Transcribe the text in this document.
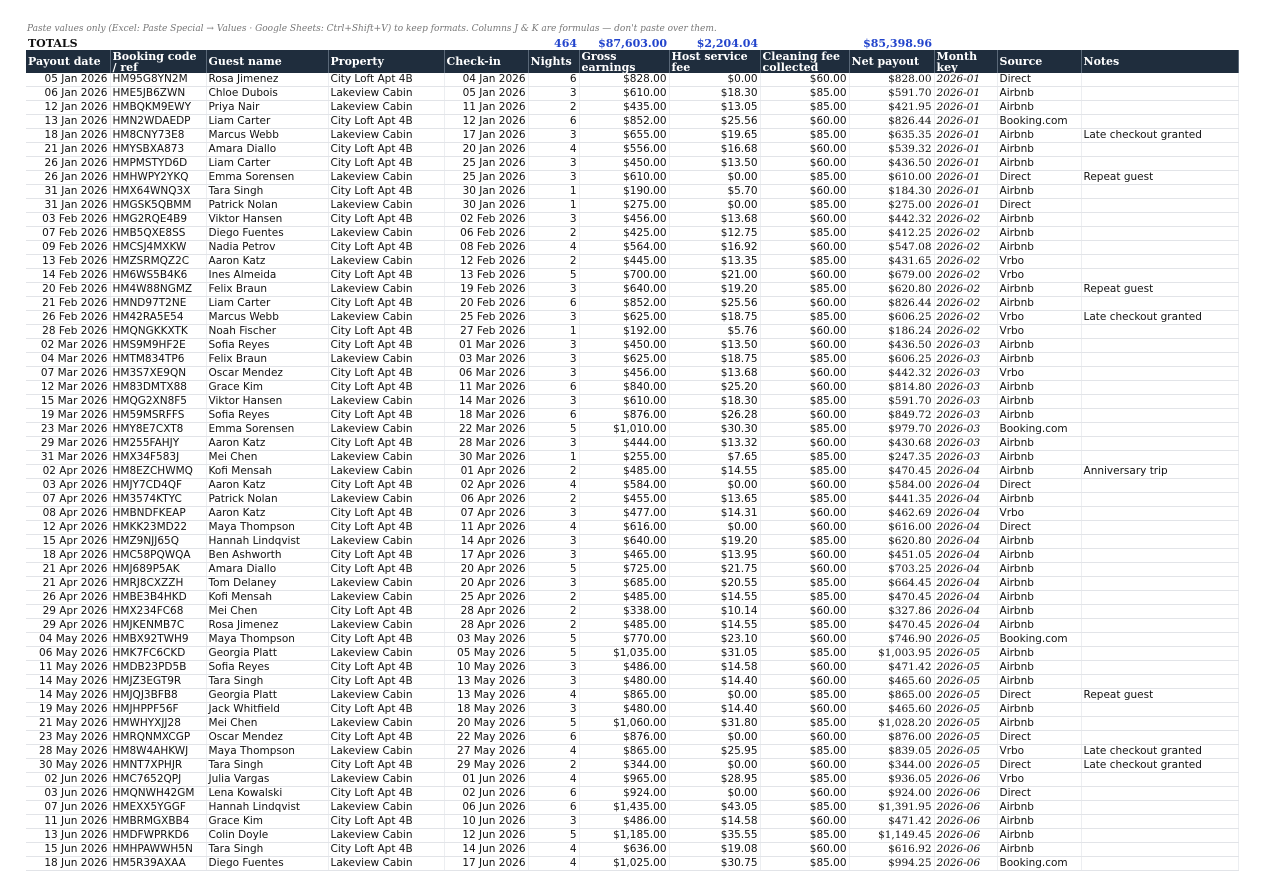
Paste values only (Excel: Paste Special → Values · Google Sheets: Ctrl+Shift+V) to keep formats. Columns J & K are formulas — don't paste over them.
TOTALS					464	$87,603.00	$2,204.04		$85,398.96			
Payout date	Booking code / ref	Guest name	Property	Check-in	Nights	Gross earnings	Host service fee	Cleaning fee collected	Net payout	Month key	Source	Notes
05 Jan 2026	HM95G8YN2M	Rosa Jimenez	City Loft Apt 4B	04 Jan 2026	6	$828.00	$0.00	$60.00	$828.00	2026-01	Direct	
06 Jan 2026	HME5JB6ZWN	Chloe Dubois	Lakeview Cabin	05 Jan 2026	3	$610.00	$18.30	$85.00	$591.70	2026-01	Airbnb	
12 Jan 2026	HMBQKM9EWY	Priya Nair	Lakeview Cabin	11 Jan 2026	2	$435.00	$13.05	$85.00	$421.95	2026-01	Airbnb	
13 Jan 2026	HMN2WDAEDP	Liam Carter	City Loft Apt 4B	12 Jan 2026	6	$852.00	$25.56	$60.00	$826.44	2026-01	Booking.com	
18 Jan 2026	HM8CNY73E8	Marcus Webb	Lakeview Cabin	17 Jan 2026	3	$655.00	$19.65	$85.00	$635.35	2026-01	Airbnb	Late checkout granted
21 Jan 2026	HMYSBXA873	Amara Diallo	City Loft Apt 4B	20 Jan 2026	4	$556.00	$16.68	$60.00	$539.32	2026-01	Airbnb	
26 Jan 2026	HMPMSTYD6D	Liam Carter	City Loft Apt 4B	25 Jan 2026	3	$450.00	$13.50	$60.00	$436.50	2026-01	Airbnb	
26 Jan 2026	HMHWPY2YKQ	Emma Sorensen	Lakeview Cabin	25 Jan 2026	3	$610.00	$0.00	$85.00	$610.00	2026-01	Direct	Repeat guest
31 Jan 2026	HMX64WNQ3X	Tara Singh	City Loft Apt 4B	30 Jan 2026	1	$190.00	$5.70	$60.00	$184.30	2026-01	Airbnb	
31 Jan 2026	HMGSK5QBMM	Patrick Nolan	Lakeview Cabin	30 Jan 2026	1	$275.00	$0.00	$85.00	$275.00	2026-01	Direct	
03 Feb 2026	HMG2RQE4B9	Viktor Hansen	City Loft Apt 4B	02 Feb 2026	3	$456.00	$13.68	$60.00	$442.32	2026-02	Airbnb	
07 Feb 2026	HMB5QXE8SS	Diego Fuentes	Lakeview Cabin	06 Feb 2026	2	$425.00	$12.75	$85.00	$412.25	2026-02	Airbnb	
09 Feb 2026	HMCSJ4MXKW	Nadia Petrov	City Loft Apt 4B	08 Feb 2026	4	$564.00	$16.92	$60.00	$547.08	2026-02	Airbnb	
13 Feb 2026	HMZSRMQZ2C	Aaron Katz	Lakeview Cabin	12 Feb 2026	2	$445.00	$13.35	$85.00	$431.65	2026-02	Vrbo	
14 Feb 2026	HM6WS5B4K6	Ines Almeida	City Loft Apt 4B	13 Feb 2026	5	$700.00	$21.00	$60.00	$679.00	2026-02	Vrbo	
20 Feb 2026	HM4W88NGMZ	Felix Braun	Lakeview Cabin	19 Feb 2026	3	$640.00	$19.20	$85.00	$620.80	2026-02	Airbnb	Repeat guest
21 Feb 2026	HMND97T2NE	Liam Carter	City Loft Apt 4B	20 Feb 2026	6	$852.00	$25.56	$60.00	$826.44	2026-02	Airbnb	
26 Feb 2026	HM42RA5E54	Marcus Webb	Lakeview Cabin	25 Feb 2026	3	$625.00	$18.75	$85.00	$606.25	2026-02	Vrbo	Late checkout granted
28 Feb 2026	HMQNGKKXTK	Noah Fischer	City Loft Apt 4B	27 Feb 2026	1	$192.00	$5.76	$60.00	$186.24	2026-02	Vrbo	
02 Mar 2026	HMS9M9HF2E	Sofia Reyes	City Loft Apt 4B	01 Mar 2026	3	$450.00	$13.50	$60.00	$436.50	2026-03	Airbnb	
04 Mar 2026	HMTM834TP6	Felix Braun	Lakeview Cabin	03 Mar 2026	3	$625.00	$18.75	$85.00	$606.25	2026-03	Airbnb	
07 Mar 2026	HM3S7XE9QN	Oscar Mendez	City Loft Apt 4B	06 Mar 2026	3	$456.00	$13.68	$60.00	$442.32	2026-03	Vrbo	
12 Mar 2026	HM83DMTX88	Grace Kim	City Loft Apt 4B	11 Mar 2026	6	$840.00	$25.20	$60.00	$814.80	2026-03	Airbnb	
15 Mar 2026	HMQG2XN8F5	Viktor Hansen	Lakeview Cabin	14 Mar 2026	3	$610.00	$18.30	$85.00	$591.70	2026-03	Airbnb	
19 Mar 2026	HM59MSRFFS	Sofia Reyes	City Loft Apt 4B	18 Mar 2026	6	$876.00	$26.28	$60.00	$849.72	2026-03	Airbnb	
23 Mar 2026	HMY8E7CXT8	Emma Sorensen	Lakeview Cabin	22 Mar 2026	5	$1,010.00	$30.30	$85.00	$979.70	2026-03	Booking.com	
29 Mar 2026	HM255FAHJY	Aaron Katz	City Loft Apt 4B	28 Mar 2026	3	$444.00	$13.32	$60.00	$430.68	2026-03	Airbnb	
31 Mar 2026	HMX34F583J	Mei Chen	Lakeview Cabin	30 Mar 2026	1	$255.00	$7.65	$85.00	$247.35	2026-03	Airbnb	
02 Apr 2026	HM8EZCHWMQ	Kofi Mensah	Lakeview Cabin	01 Apr 2026	2	$485.00	$14.55	$85.00	$470.45	2026-04	Airbnb	Anniversary trip
03 Apr 2026	HMJY7CD4QF	Aaron Katz	City Loft Apt 4B	02 Apr 2026	4	$584.00	$0.00	$60.00	$584.00	2026-04	Direct	
07 Apr 2026	HM3574KTYC	Patrick Nolan	Lakeview Cabin	06 Apr 2026	2	$455.00	$13.65	$85.00	$441.35	2026-04	Airbnb	
08 Apr 2026	HMBNDFKEAP	Aaron Katz	City Loft Apt 4B	07 Apr 2026	3	$477.00	$14.31	$60.00	$462.69	2026-04	Vrbo	
12 Apr 2026	HMKK23MD22	Maya Thompson	City Loft Apt 4B	11 Apr 2026	4	$616.00	$0.00	$60.00	$616.00	2026-04	Direct	
15 Apr 2026	HMZ9NJJ65Q	Hannah Lindqvist	Lakeview Cabin	14 Apr 2026	3	$640.00	$19.20	$85.00	$620.80	2026-04	Airbnb	
18 Apr 2026	HMC58PQWQA	Ben Ashworth	City Loft Apt 4B	17 Apr 2026	3	$465.00	$13.95	$60.00	$451.05	2026-04	Airbnb	
21 Apr 2026	HMJ689P5AK	Amara Diallo	City Loft Apt 4B	20 Apr 2026	5	$725.00	$21.75	$60.00	$703.25	2026-04	Airbnb	
21 Apr 2026	HMRJ8CXZZH	Tom Delaney	Lakeview Cabin	20 Apr 2026	3	$685.00	$20.55	$85.00	$664.45	2026-04	Airbnb	
26 Apr 2026	HMBE3B4HKD	Kofi Mensah	Lakeview Cabin	25 Apr 2026	2	$485.00	$14.55	$85.00	$470.45	2026-04	Airbnb	
29 Apr 2026	HMX234FC68	Mei Chen	City Loft Apt 4B	28 Apr 2026	2	$338.00	$10.14	$60.00	$327.86	2026-04	Airbnb	
29 Apr 2026	HMJKENMB7C	Rosa Jimenez	Lakeview Cabin	28 Apr 2026	2	$485.00	$14.55	$85.00	$470.45	2026-04	Airbnb	
04 May 2026	HMBX92TWH9	Maya Thompson	City Loft Apt 4B	03 May 2026	5	$770.00	$23.10	$60.00	$746.90	2026-05	Booking.com	
06 May 2026	HMK7FC6CKD	Georgia Platt	Lakeview Cabin	05 May 2026	5	$1,035.00	$31.05	$85.00	$1,003.95	2026-05	Airbnb	
11 May 2026	HMDB23PD5B	Sofia Reyes	City Loft Apt 4B	10 May 2026	3	$486.00	$14.58	$60.00	$471.42	2026-05	Airbnb	
14 May 2026	HMJZ3EGT9R	Tara Singh	City Loft Apt 4B	13 May 2026	3	$480.00	$14.40	$60.00	$465.60	2026-05	Airbnb	
14 May 2026	HMJQJ3BFB8	Georgia Platt	Lakeview Cabin	13 May 2026	4	$865.00	$0.00	$85.00	$865.00	2026-05	Direct	Repeat guest
19 May 2026	HMJHPPF56F	Jack Whitfield	City Loft Apt 4B	18 May 2026	3	$480.00	$14.40	$60.00	$465.60	2026-05	Airbnb	
21 May 2026	HMWHYXJJ28	Mei Chen	Lakeview Cabin	20 May 2026	5	$1,060.00	$31.80	$85.00	$1,028.20	2026-05	Airbnb	
23 May 2026	HMRQNMXCGP	Oscar Mendez	City Loft Apt 4B	22 May 2026	6	$876.00	$0.00	$60.00	$876.00	2026-05	Direct	
28 May 2026	HM8W4AHKWJ	Maya Thompson	Lakeview Cabin	27 May 2026	4	$865.00	$25.95	$85.00	$839.05	2026-05	Vrbo	Late checkout granted
30 May 2026	HMNT7XPHJR	Tara Singh	City Loft Apt 4B	29 May 2026	2	$344.00	$0.00	$60.00	$344.00	2026-05	Direct	Late checkout granted
02 Jun 2026	HMC7652QPJ	Julia Vargas	Lakeview Cabin	01 Jun 2026	4	$965.00	$28.95	$85.00	$936.05	2026-06	Vrbo	
03 Jun 2026	HMQNWH42GM	Lena Kowalski	City Loft Apt 4B	02 Jun 2026	6	$924.00	$0.00	$60.00	$924.00	2026-06	Direct	
07 Jun 2026	HMEXX5YGGF	Hannah Lindqvist	Lakeview Cabin	06 Jun 2026	6	$1,435.00	$43.05	$85.00	$1,391.95	2026-06	Airbnb	
11 Jun 2026	HMBRMGXBB4	Grace Kim	City Loft Apt 4B	10 Jun 2026	3	$486.00	$14.58	$60.00	$471.42	2026-06	Airbnb	
13 Jun 2026	HMDFWPRKD6	Colin Doyle	Lakeview Cabin	12 Jun 2026	5	$1,185.00	$35.55	$85.00	$1,149.45	2026-06	Airbnb	
15 Jun 2026	HMHPAWWH5N	Tara Singh	City Loft Apt 4B	14 Jun 2026	4	$636.00	$19.08	$60.00	$616.92	2026-06	Airbnb	
18 Jun 2026	HM5R39AXAA	Diego Fuentes	Lakeview Cabin	17 Jun 2026	4	$1,025.00	$30.75	$85.00	$994.25	2026-06	Booking.com	
